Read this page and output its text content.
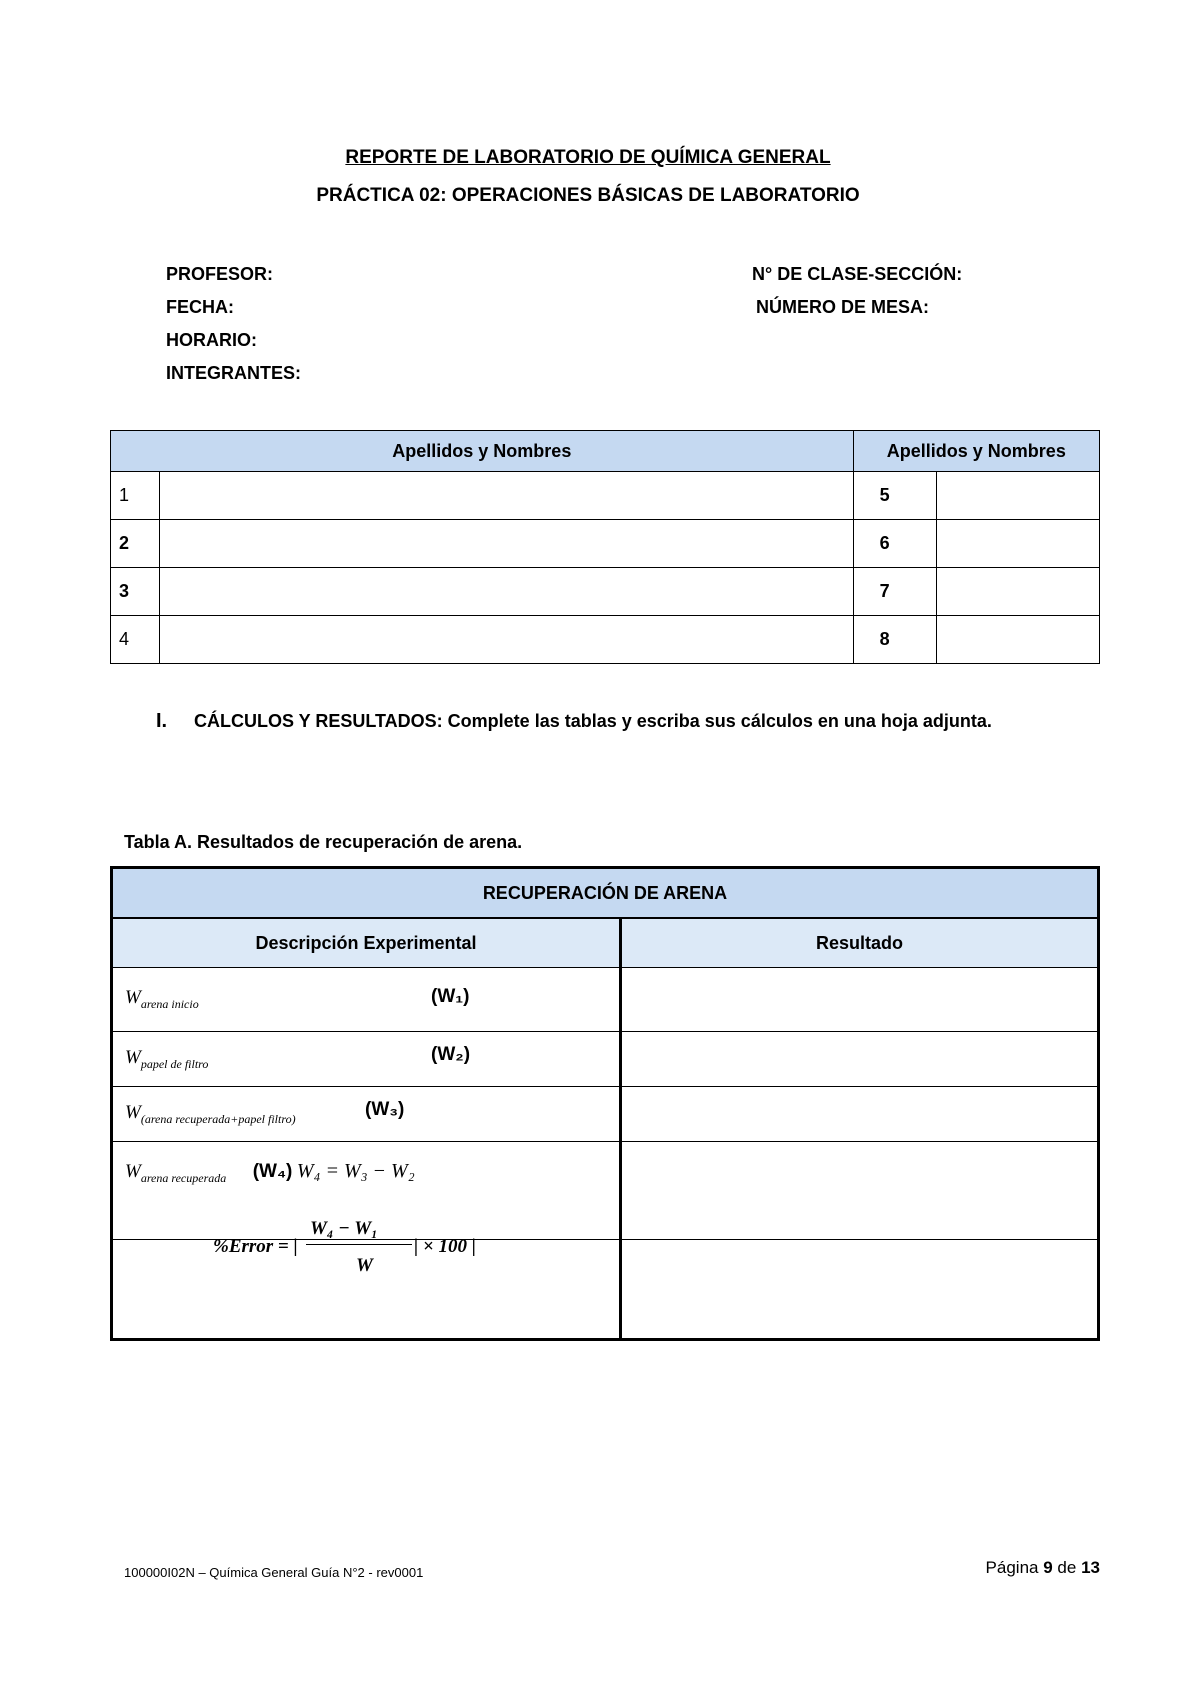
REPORTE DE LABORATORIO DE QUÍMICA GENERAL
PRÁCTICA 02: OPERACIONES BÁSICAS DE LABORATORIO
PROFESOR:
FECHA:
HORARIO:
INTEGRANTES:
N° DE CLASE-SECCIÓN:
NÚMERO DE MESA:
Apellidos y Nombres		Apellidos y Nombres	
1		5	
2		6	
3		7	
4		8	
I. CÁLCULOS Y RESULTADOS: Complete las tablas y escriba sus cálculos en una hoja adjunta.
Tabla A. Resultados de recuperación de arena.
RECUPERACIÓN DE ARENA	
Descripción Experimental	Resultado
$W_{arena inicio}$ (W₁)	

$W_{papel de filtro}$ (W₂)	

$W_{(arena recuperada+papel filtro)}$ (W₃)	

$W_{arena recuperada}$ (W₄) W₄ = W₃ − W₂	

%Error = |
W₄ − W₁
W
| × 100 |
100000I02N – Química General Guía N°2 - rev0001	Página 9 de 13
